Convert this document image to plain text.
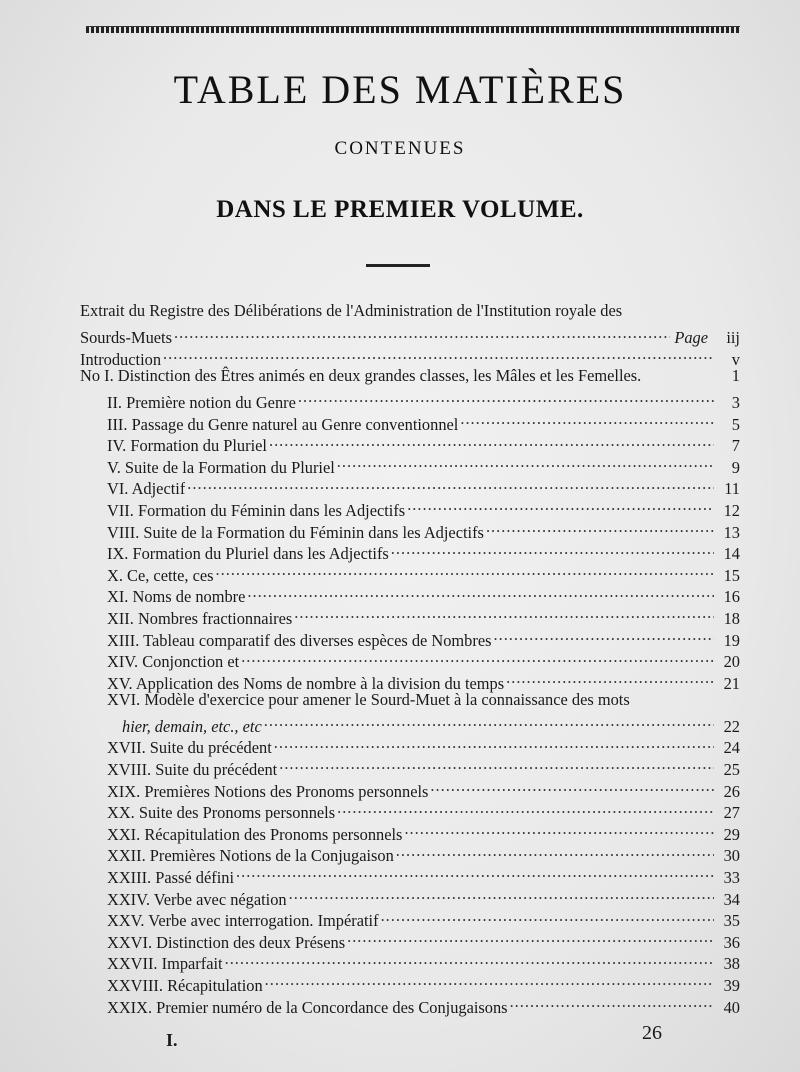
TABLE DES MATIÈRES
CONTENUES
DANS LE PREMIER VOLUME.
Extrait du Registre des Délibérations de l'Administration de l'Institution royale des
Sourds-Muets .....	Page	iij
Introduction .....	v
No I. Distinction des Êtres animés en deux grandes classes, les Mâles et les Femelles.	1
II. Première notion du Genre .....	3
III. Passage du Genre naturel au Genre conventionnel .....	5
IV. Formation du Pluriel .....	7
V. Suite de la Formation du Pluriel .....	9
VI. Adjectif .....	11
VII. Formation du Féminin dans les Adjectifs .....	12
VIII. Suite de la Formation du Féminin dans les Adjectifs .....	13
IX. Formation du Pluriel dans les Adjectifs .....	14
X. Ce, cette, ces .....	15
XI. Noms de nombre .....	16
XII. Nombres fractionnaires .....	18
XIII. Tableau comparatif des diverses espèces de Nombres .....	19
XIV. Conjonction et .....	20
XV. Application des Noms de nombre à la division du temps .....	21
XVI. Modèle d'exercice pour amener le Sourd-Muet à la connaissance des mots
hier, demain, etc., etc .....	22
XVII. Suite du précédent .....	24
XVIII. Suite du précédent .....	25
XIX. Premières Notions des Pronoms personnels .....	26
XX. Suite des Pronoms personnels .....	27
XXI. Récapitulation des Pronoms personnels .....	29
XXII. Premières Notions de la Conjugaison .....	30
XXIII. Passé défini .....	33
XXIV. Verbe avec négation .....	34
XXV. Verbe avec interrogation. Impératif .....	35
XXVI. Distinction des deux Présens .....	36
XXVII. Imparfait .....	38
XXVIII. Récapitulation .....	39
XXIX. Premier numéro de la Concordance des Conjugaisons .....	40
I.	26
